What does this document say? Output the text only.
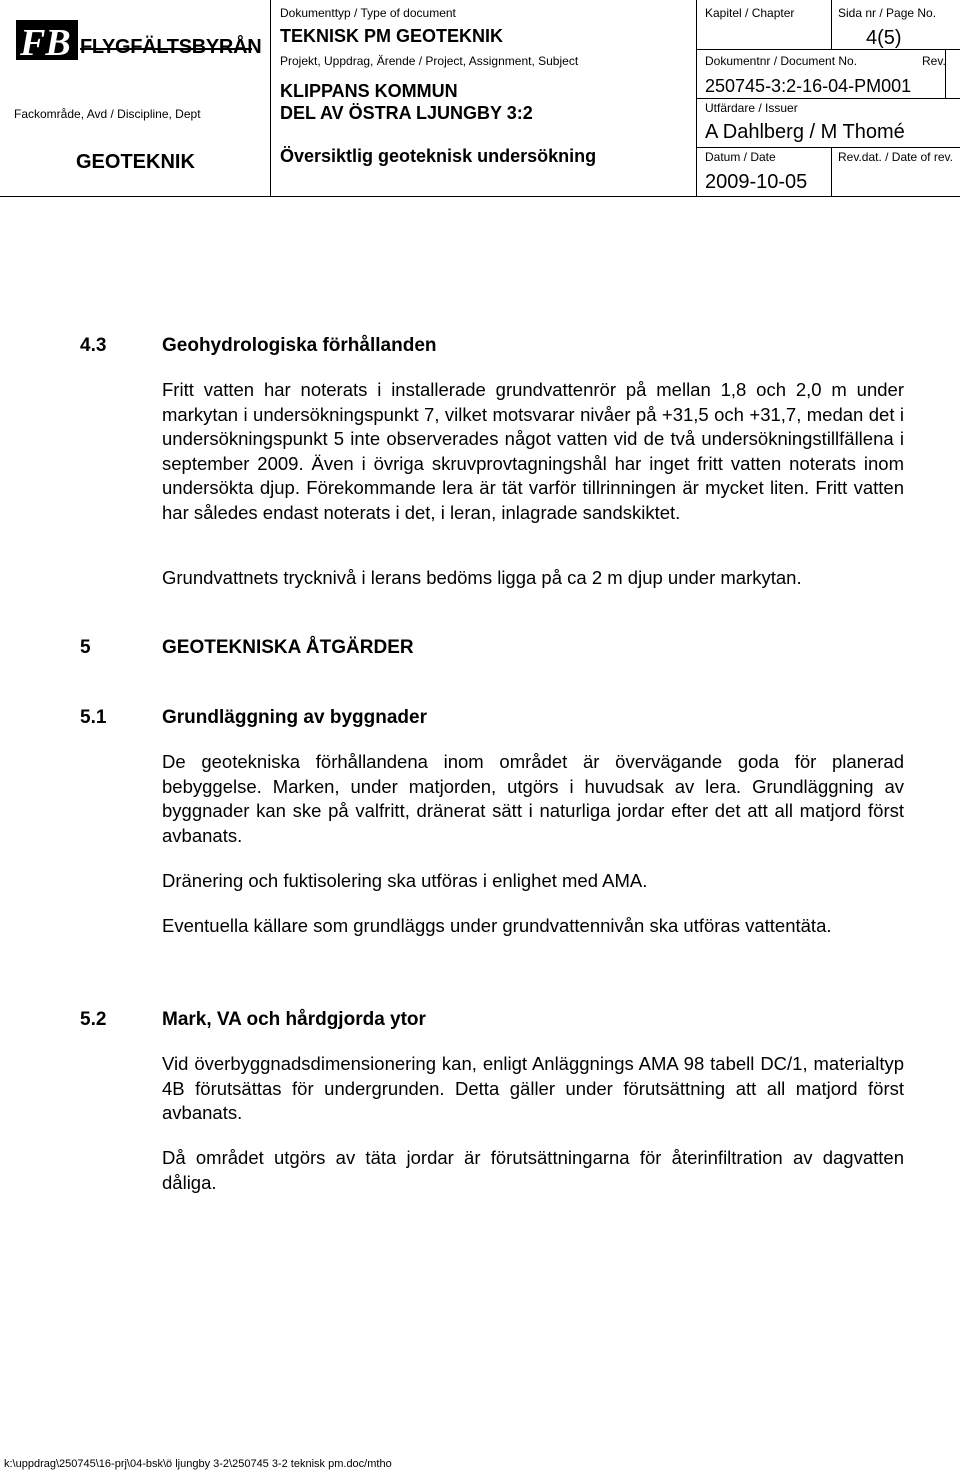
FB FLYGFÄLTSBYRÅN
Fackområde, Avd / Discipline, Dept
GEOTEKNIK
Dokumenttyp / Type of document
TEKNISK PM GEOTEKNIK
Projekt, Uppdrag, Ärende / Project, Assignment, Subject
KLIPPANS KOMMUN
DEL AV ÖSTRA LJUNGBY 3:2
Översiktlig geoteknisk undersökning
Kapitel / Chapter	Sida nr / Page No.
4(5)
Dokumentnr / Document No.
250745-3:2-16-04-PM001
Rev.
Utfärdare / Issuer
A Dahlberg / M Thomé
Datum / Date
2009-10-05
Rev.dat. / Date of rev.
4.3	Geohydrologiska förhållanden
Fritt vatten har noterats i installerade grundvattenrör på mellan 1,8 och 2,0 m under markytan i undersökningspunkt 7, vilket motsvarar nivåer på +31,5 och +31,7, medan det i undersökningspunkt 5 inte observerades något vatten vid de två undersökningstillfällena i september 2009. Även i övriga skruvprovtagningshål har inget fritt vatten noterats inom undersökta djup. Förekommande lera är tät varför tillrinningen är mycket liten. Fritt vatten har således endast noterats i det, i leran, inlagrade sandskiktet.
Grundvattnets trycknivå i lerans bedöms ligga på ca 2 m djup under markytan.
5	GEOTEKNISKA ÅTGÄRDER
5.1	Grundläggning av byggnader
De geotekniska förhållandena inom området är övervägande goda för planerad bebyggelse. Marken, under matjorden, utgörs i huvudsak av lera. Grundläggning av byggnader kan ske på valfritt, dränerat sätt i naturliga jordar efter det att all matjord först avbanats.
Dränering och fuktisolering ska utföras i enlighet med AMA.
Eventuella källare som grundläggs under grundvattennivån ska utföras vattentäta.
5.2	Mark, VA och hårdgjorda ytor
Vid överbyggnadsdimensionering kan, enligt Anläggnings AMA 98 tabell DC/1, materialtyp 4B förutsättas för undergrunden. Detta gäller under förutsättning att all matjord först avbanats.
Då området utgörs av täta jordar är förutsättningarna för återinfiltration av dagvatten dåliga.
k:\uppdrag\250745\16-prj\04-bsk\ö ljungby 3-2\250745 3-2 teknisk pm.doc/mtho
